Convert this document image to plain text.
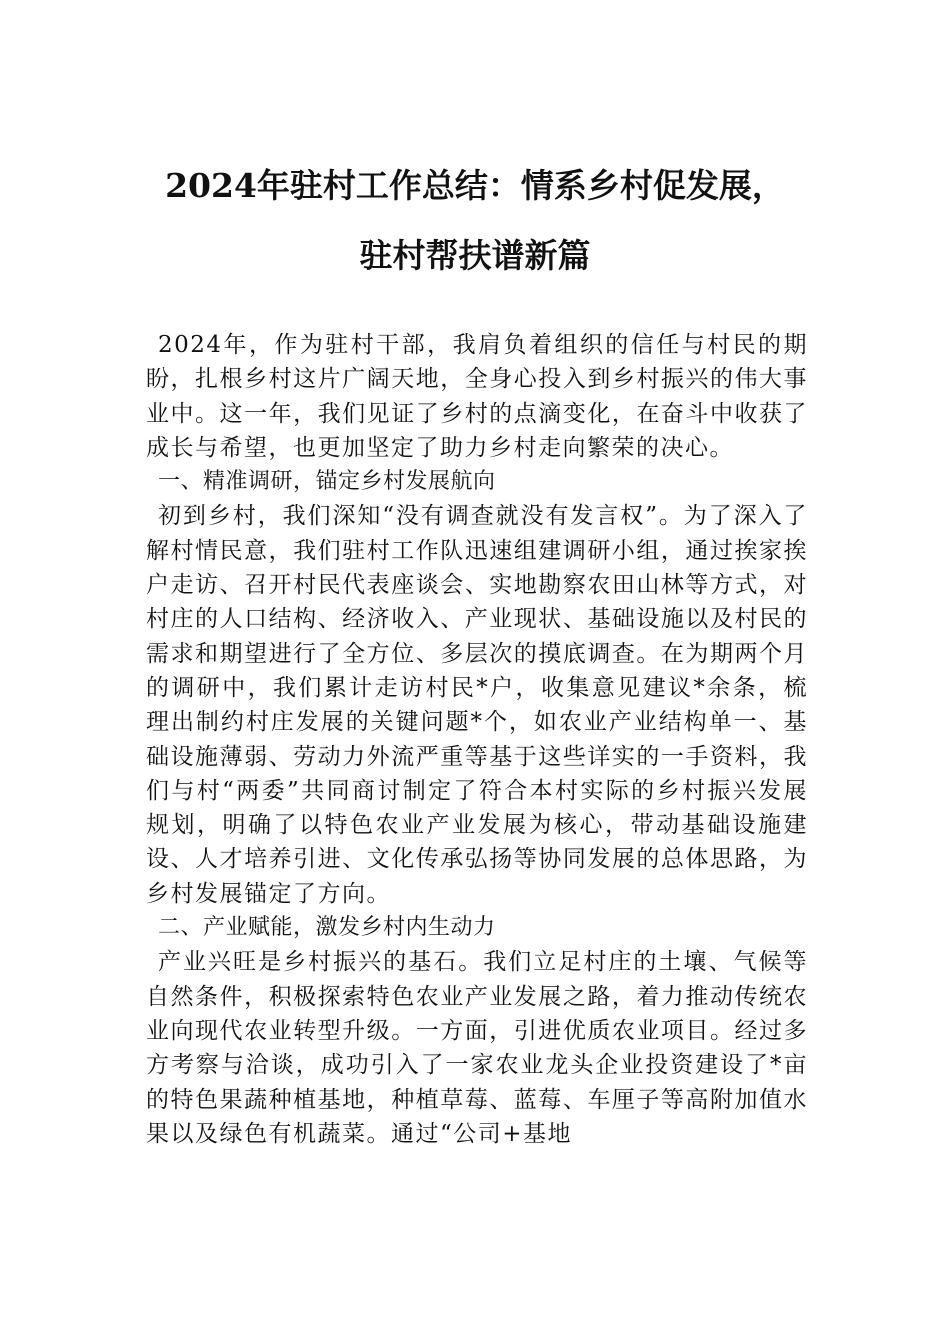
2024年驻村工作总结：情系乡村促发展，
驻村帮扶谱新篇

2024年，作为驻村干部，我肩负着组织的信任与村民的期盼，扎根乡村这片广阔天地，全身心投入到乡村振兴的伟大事业中。这一年，我们见证了乡村的点滴变化，在奋斗中收获了成长与希望，也更加坚定了助力乡村走向繁荣的决心。

一、精准调研，锚定乡村发展航向

初到乡村，我们深知“没有调查就没有发言权”。为了深入了解村情民意，我们驻村工作队迅速组建调研小组，通过挨家挨户走访、召开村民代表座谈会、实地勘察农田山林等方式，对村庄的人口结构、经济收入、产业现状、基础设施以及村民的需求和期望进行了全方位、多层次的摸底调查。在为期两个月的调研中，我们累计走访村民*户，收集意见建议*余条，梳理出制约村庄发展的关键问题*个，如农业产业结构单一、基础设施薄弱、劳动力外流严重等基于这些详实的一手资料，我们与村“两委”共同商讨制定了符合本村实际的乡村振兴发展规划，明确了以特色农业产业发展为核心，带动基础设施建设、人才培养引进、文化传承弘扬等协同发展的总体思路，为乡村发展锚定了方向。

二、产业赋能，激发乡村内生动力

产业兴旺是乡村振兴的基石。我们立足村庄的土壤、气候等自然条件，积极探索特色农业产业发展之路，着力推动传统农业向现代农业转型升级。一方面，引进优质农业项目。经过多方考察与洽谈，成功引入了一家农业龙头企业投资建设了*亩的特色果蔬种植基地，种植草莓、蓝莓、车厘子等高附加值水果以及绿色有机蔬菜。通过“公司+基地
